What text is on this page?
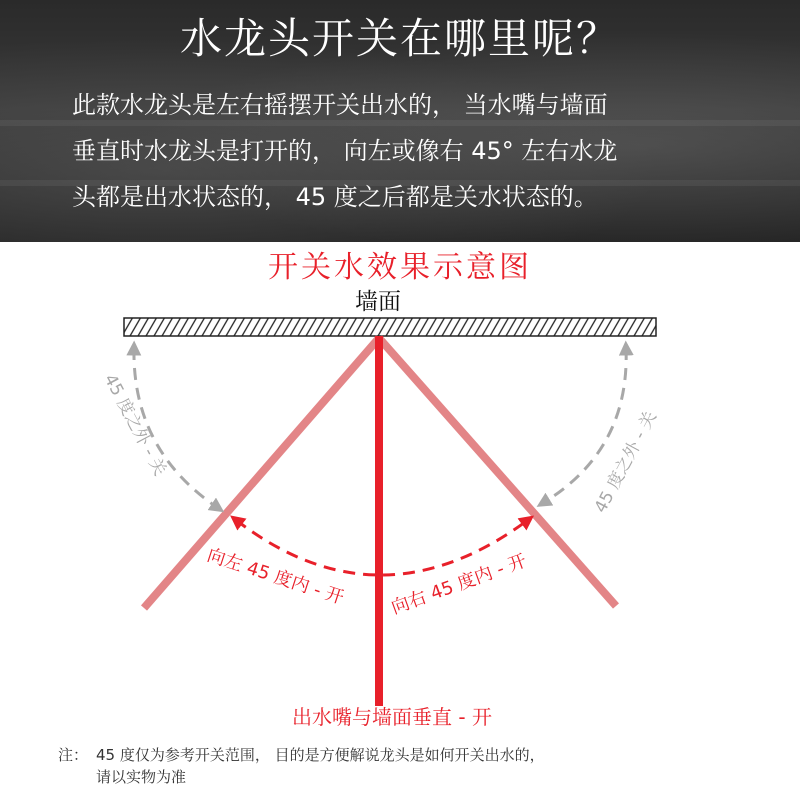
水龙头开关在哪里呢？
此款水龙头是左右摇摆开关出水的， 当水嘴与墙面
垂直时水龙头是打开的， 向左或像右 45° 左右水龙
头都是出水状态的， 45 度之后都是关水状态的。
开关水效果示意图
墙面
45 度之外 - 关	45 度之外 - 关
向左 45 度内 - 开 向右 45 度内 - 开
出水嘴与墙面垂直 - 开
注： 45 度仅为参考开关范围， 目的是方便解说龙头是如何开关出水的，
请以实物为准
